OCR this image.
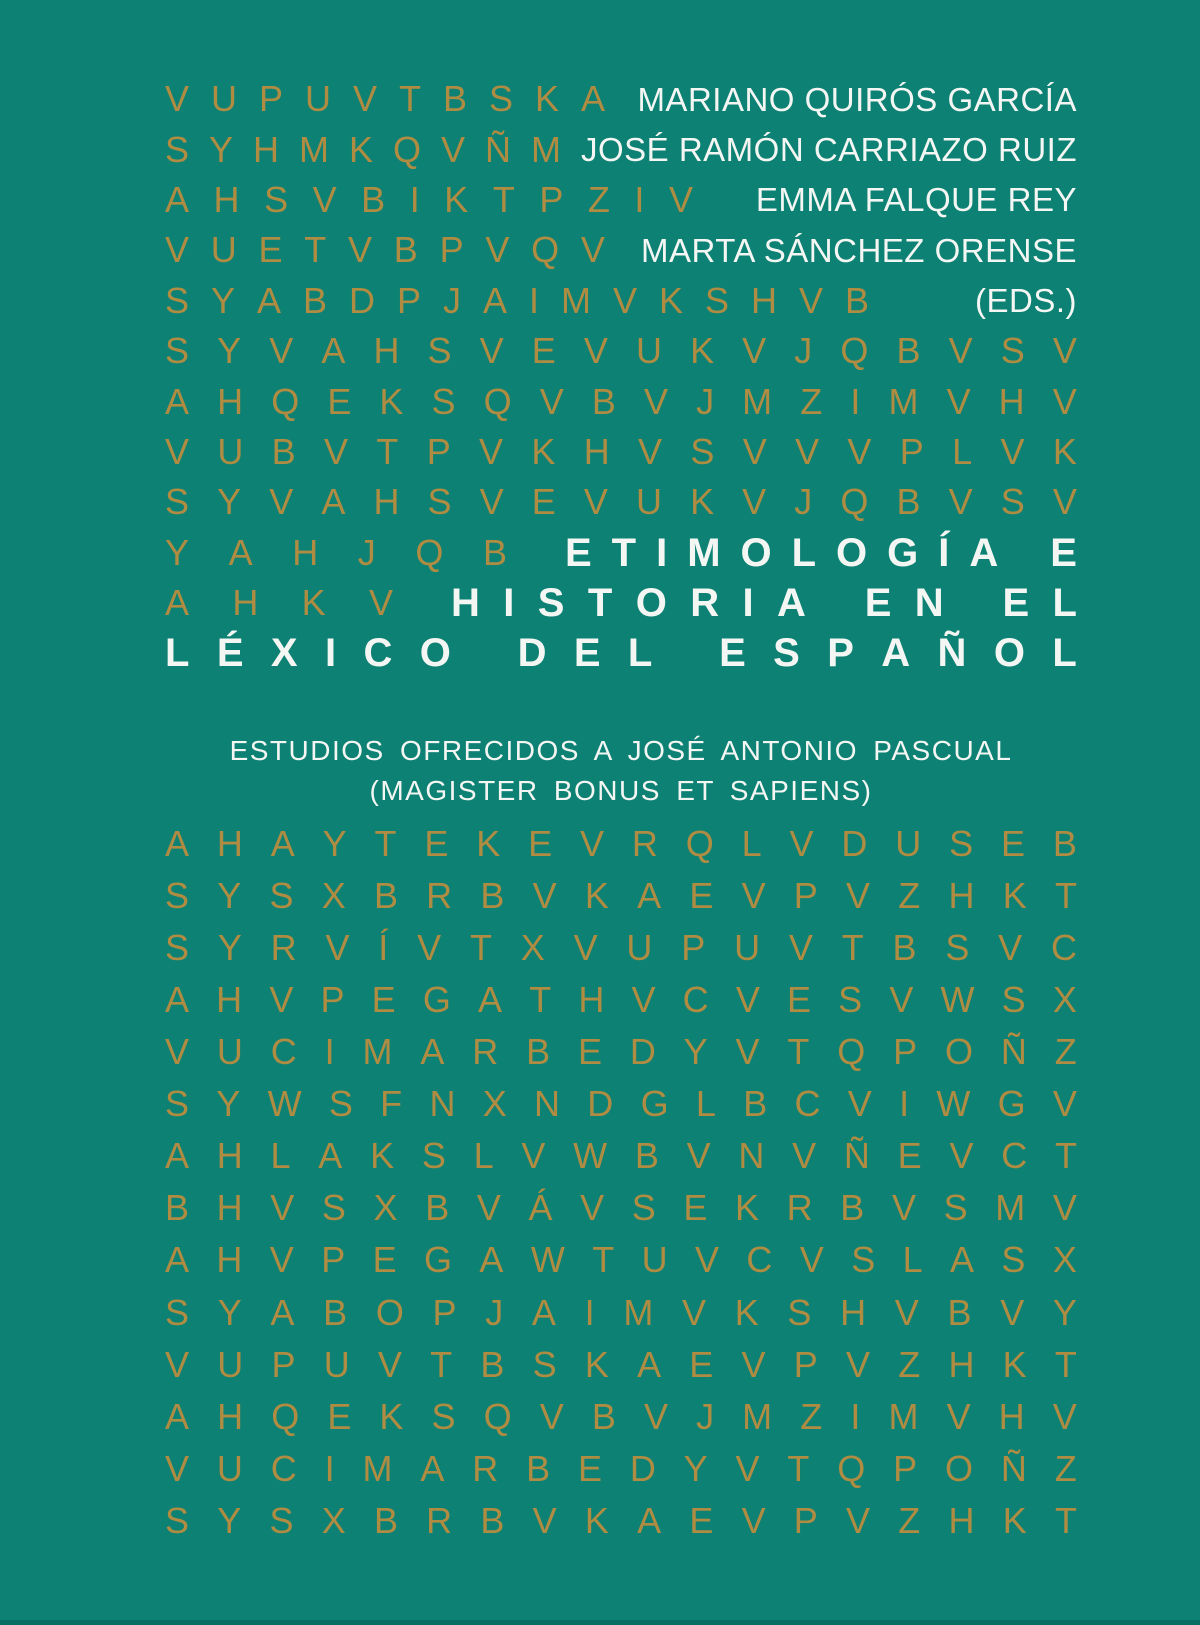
V U P U V T B S K A MARIANO QUIRÓS GARCÍA
S Y H M K Q V Ñ M JOSÉ RAMÓN CARRIAZO RUIZ
A H S V B I K T P Z I V EMMA FALQUE REY
V U E T V B P V Q V MARTA SÁNCHEZ ORENSE
S Y A B D P J A I M V K S H V B	(EDS.)
S Y V A H S V E V U K V J Q B V S V
A H Q E K S Q V B V J M Z I M V H V
V U B V T P V K H V S V V V P L V K
S Y V A H S V E V U K V J Q B V S V
Y A H J Q B E T I M O L O G Í A E
A H K V H I S T O R I A E N E L
L É X I C O D E L E S P A Ñ O L
ESTUDIOS OFRECIDOS A JOSÉ ANTONIO PASCUAL
(MAGISTER BONUS ET SAPIENS)
A H A Y T E K E V R Q L V D U S E B
S Y S X B R B V K A E V P V Z H K T
S Y R V Í V T X V U P U V T B S V C
A H V P E G A T H V C V E S V W S X
V U C I M A R B E D Y V T Q P O Ñ Z
S Y W S F N X N D G L B C V I W G V
A H L A K S L V W B V N V Ñ E V C T
B H V S X B V Á V S E K R B V S M V
A H V P E G A W T U V C V S L A S X
S Y A B O P J A I M V K S H V B V Y
V U P U V T B S K A E V P V Z H K T
A H Q E K S Q V B V J M Z I M V H V
V U C I M A R B E D Y V T Q P O Ñ Z
S Y S X B R B V K A E V P V Z H K T
